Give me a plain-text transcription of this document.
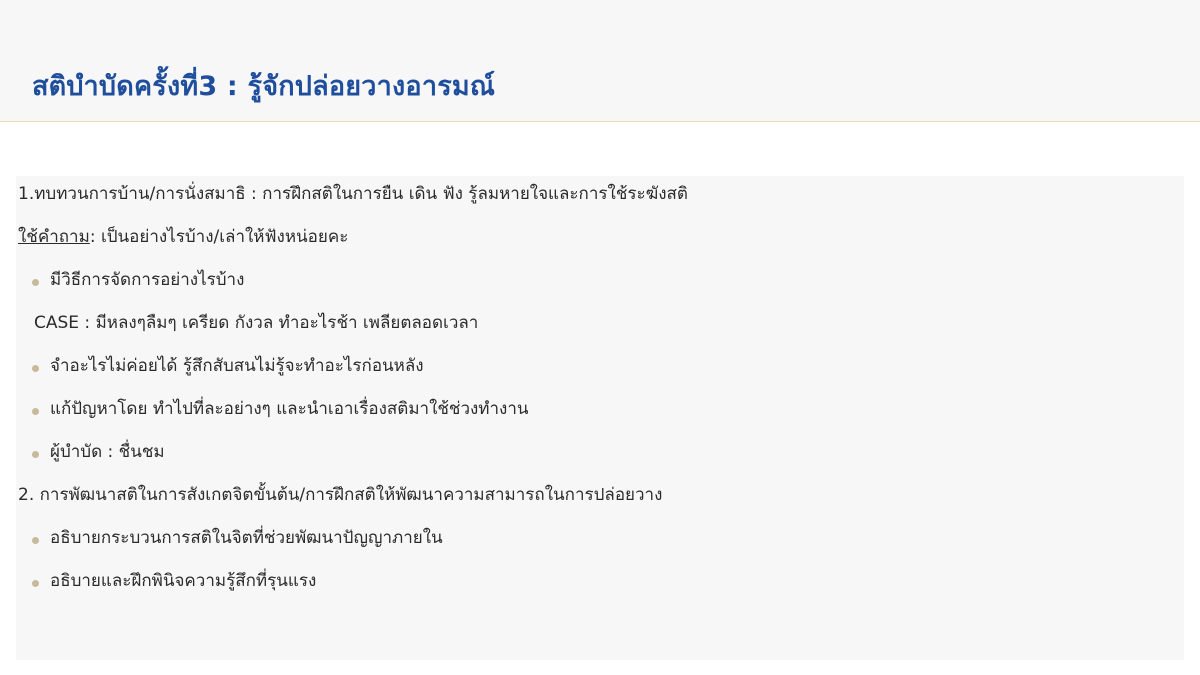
สติบำบัดครั้งที่3 : รู้จักปล่อยวางอารมณ์
1.ทบทวนการบ้าน/การนั่งสมาธิ : การฝึกสติในการยืน เดิน ฟัง รู้ลมหายใจและการใช้ระฆังสติ
ใช้คำถาม: เป็นอย่างไรบ้าง/เล่าให้ฟังหน่อยคะ
มีวิธีการจัดการอย่างไรบ้าง
CASE : มีหลงๆลืมๆ เครียด กังวล ทำอะไรช้า เพลียตลอดเวลา
จำอะไรไม่ค่อยได้ รู้สึกสับสนไม่รู้จะทำอะไรก่อนหลัง
แก้ปัญหาโดย ทำไปที่ละอย่างๆ และนำเอาเรื่องสติมาใช้ช่วงทำงาน
ผู้บำบัด : ชื่นชม
2. การพัฒนาสติในการสังเกตจิตขั้นต้น/การฝึกสติให้พัฒนาความสามารถในการปล่อยวาง
อธิบายกระบวนการสติในจิตที่ช่วยพัฒนาปัญญาภายใน
อธิบายและฝึกพินิจความรู้สึกที่รุนแรง
